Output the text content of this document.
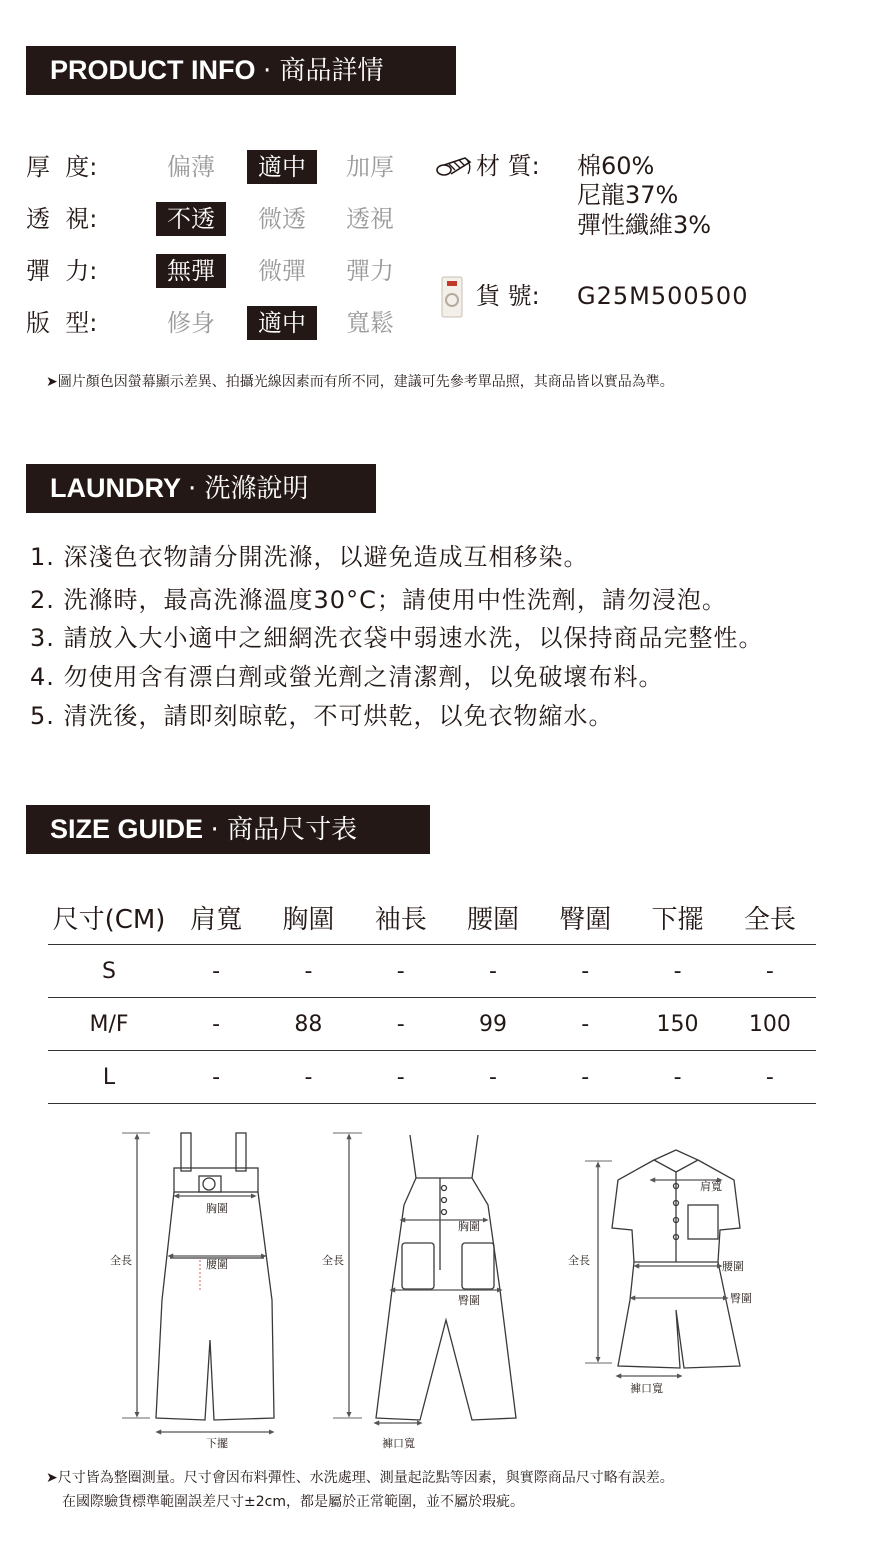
PRODUCT INFO · 商品詳情
厚  度:	偏薄	適中	加厚
透  視:	不透	微透	透視
彈  力:	無彈	微彈	彈力
版  型:	修身	適中	寬鬆
材 質: 棉60%
尼龍37%
彈性纖維3%
貨 號: G25M500500
➤圖片顏色因螢幕顯示差異、拍攝光線因素而有所不同，建議可先參考單品照，其商品皆以實品為準。
LAUNDRY · 洗滌說明
1. 深淺色衣物請分開洗滌，以避免造成互相移染。
2. 洗滌時，最高洗滌溫度30°C；請使用中性洗劑，請勿浸泡。
3. 請放入大小適中之細網洗衣袋中弱速水洗，以保持商品完整性。
4. 勿使用含有漂白劑或螢光劑之清潔劑，以免破壞布料。
5. 清洗後，請即刻晾乾，不可烘乾，以免衣物縮水。
SIZE GUIDE · 商品尺寸表
尺寸(CM)	肩寬	胸圍	袖長	腰圍	臀圍	下擺	全長
S	-	-	-	-	-	-	-
M/F	-	88	-	99	-	150	100
L	-	-	-	-	-	-	-
全長
胸圍
腰圍
下擺
全長
胸圍
臀圍
褲口寬
全長
肩寬
腰圍
臀圍
褲口寬
➤尺寸皆為整圈測量。尺寸會因布料彈性、水洗處理、測量起訖點等因素，與實際商品尺寸略有誤差。
在國際驗貨標準範圍誤差尺寸±2cm，都是屬於正常範圍，並不屬於瑕疵。
